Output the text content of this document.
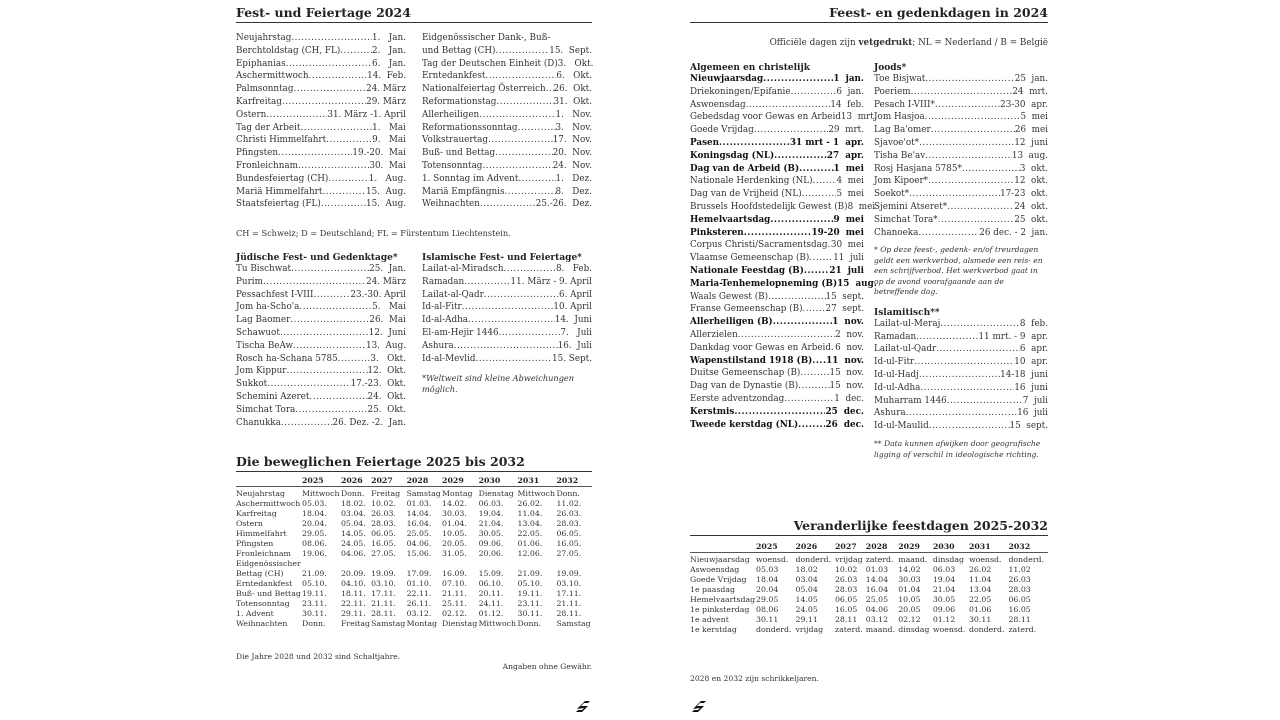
Fest- und Feiertage 2024
Neujahrstag .....	1.   Jan.
Berchtoldstag (CH, FL) .....	2.   Jan.
Epiphanias .....	6.   Jan.
Aschermittwoch .....	14.  Feb.
Palmsonntag .....	24. März
Karfreitag .....	29. März
Ostern .....	31. März -1. April
Tag der Arbeit .....	1.   Mai
Christi Himmelfahrt .....	9.   Mai
Pfingsten .....	19.-20.  Mai
Fronleichnam .....	30.  Mai
Bundesfeiertag (CH) .....	1.   Aug.
Mariä Himmelfahrt .....	15.  Aug.
Staatsfeiertag (FL) .....	15.  Aug.
Eidgenössischer Dank-, Buß-
und Bettag (CH) .....	15.  Sept.
Tag der Deutschen Einheit (D) 3.   Okt.
Erntedankfest .....	6.   Okt.
Nationalfeiertag Österreich ..... 26.  Okt.
Reformationstag .....	31.  Okt.
Allerheiligen .....	1.   Nov.
Reformationssonntag .....	3.   Nov.
Volkstrauertag .....	17.  Nov.
Buß- und Bettag .....	20.  Nov.
Totensonntag .....	24.  Nov.
1. Sonntag im Advent .....	1.   Dez.
Mariä Empfängnis .....	8.   Dez.
Weihnachten .....	25.-26.  Dez.
CH = Schweiz; D = Deutschland; FL = Fürstentum Liechtenstein.
Jüdische Fest- und Gedenktage*
Tu Bischwat .....	25.  Jan.
Purim .....	24. März
Pessachfest I-VIII .....	23.-30. April
Jom ha-Scho'a .....	5.   Mai
Lag Baomer .....	26.  Mai
Schawuot .....	12.  Juni
Tischa BeAw .....	13.  Aug.
Rosch ha-Schana 5785 .....	3.   Okt.
Jom Kippur .....	12.  Okt.
Sukkot .....	17.-23.  Okt.
Schemini Azeret .....	24.  Okt.
Simchat Tora .....	25.  Okt.
Chanukka .....	26. Dez. -2.  Jan.
Islamische Fest- und Feiertage*
Lailat-al-Miradsch .....	8.   Feb.
Ramadan .....	11. März - 9. April
Lailat-al-Qadr .....	6. April
Id-al-Fitr .....	10. April
Id-al-Adha .....	14.  Juni
El-am-Hejir 1446 .....	7.   Juli
Ashura .....	16.  Juli
Id-al-Mevlid .....	15. Sept.
*Weltweit sind kleine Abweichungen möglich.
Die beweglichen Feiertage 2025 bis 2032
	2025	2026	2027	2028	2029	2030	2031	2032

Neujahrstag	Mittwoch	Donn.	Freitag	Samstag	Montag	Dienstag	Mittwoch	Donn.
Aschermittwoch	05.03.	18.02.	10.02.	01.03.	14.02.	06.03.	26.02.	11.02.
Karfreitag	18.04.	03.04.	26.03.	14.04.	30.03.	19.04.	11.04.	26.03.
Ostern	20.04.	05.04.	28.03.	16.04.	01.04.	21.04.	13.04.	28.03.
Himmelfahrt	29.05.	14.05.	06.05.	25.05.	10.05.	30.05.	22.05.	06.05.
Pfingsten	08.06.	24.05.	16.05.	04.06.	20.05.	09.06.	01.06.	16.05.
Fronleichnam	19.06.	04.06.	27.05.	15.06.	31.05.	20.06.	12.06.	27.05.
Eidgenössischer								
Bettag (CH)	21.09.	20.09.	19.09.	17.09.	16.09.	15.09.	21.09.	19.09.
Erntedankfest	05.10.	04.10.	03.10.	01.10.	07.10.	06.10.	05.10.	03.10.
Buß- und Bettag	19.11.	18.11.	17.11.	22.11.	21.11.	20.11.	19.11.	17.11.
Totensonntag	23.11.	22.11.	21.11.	26.11.	25.11.	24.11.	23.11.	21.11.
1. Advent	30.11.	29.11.	28.11.	03.12.	02.12.	01.12.	30.11.	28.11.
Weihnachten	Donn.	Freitag	Samstag	Montag	Dienstag	Mittwoch	Donn.	Samstag
Die Jahre 2028 und 2032 sind Schaltjahre.
Angaben ohne Gewähr.
Feest- en gedenkdagen in 2024
Officiële dagen zijn vetgedrukt; NL = Nederland / B = België
Algemeen en christelijk
Nieuwjaarsdag .....	1  jan.
Driekoningen/Epifanie .....	6  jan.
Aswoensdag .....	14  feb.
Gebedsdag voor Gewas en Arbeid 13  mrt.
Goede Vrijdag .....	29  mrt.
Pasen .....	31 mrt - 1  apr.
Koningsdag (NL) .....	27  apr.
Dag van de Arbeid (B) .....	1  mei
Nationale Herdenking (NL) .....	4  mei
Dag van de Vrijheid (NL) .....	5  mei
Brussels Hoofdstedelijk Gewest (B) 8  mei
Hemelvaartsdag .....	9  mei
Pinksteren .....	19-20  mei
Corpus Christi/Sacramentsdag ..... 30  mei
Vlaamse Gemeenschap (B) .....	11  juli
Nationale Feestdag (B) .....	21  juli
Maria-Tenhemelopneming (B) 15  aug.
Waals Gewest (B) .....	15  sept.
Franse Gemeenschap (B) .....	27  sept.
Allerheiligen (B) .....	1  nov.
Allerzielen .....	2  nov.
Dankdag voor Gewas en Arbeid ..... 6  nov.
Wapenstilstand 1918 (B) ..... 11  nov.
Duitse Gemeenschap (B) .....	15  nov.
Dag van de Dynastie (B) .....	15  nov.
Eerste adventzondag .....	1  dec.
Kerstmis .....	25  dec.
Tweede kerstdag (NL) .....	26  dec.
Joods*
Toe Bisjwat .....	25  jan.
Poeriem .....	24  mrt.
Pesach I-VIII* .....	23-30  apr.
Jom Hasjoa .....	5  mei
Lag Ba'omer .....	26  mei
Sjavoe'ot* .....	12  juni
Tisha Be'av .....	13  aug.
Rosj Hasjana 5785* .....	3  okt.
Jom Kipoer* .....	12  okt.
Soekot* .....	17-23  okt.
Sjemini Atseret* .....	24  okt.
Simchat Tora* .....	25  okt.
Chanoeka .....	26 dec. - 2  jan.
* Op deze feest-, gedenk- en/of treurdagen geldt een werkverbod, alsmede een reis- en een schrijfverbod. Het werkverbod gaat in op de avond voorafgaande aan de betreffende dag.
Islamitisch**
Lailat-ul-Meraj .....	8  feb.
Ramadan .....	11 mrt. - 9  apr.
Lailat-ul-Qadr .....	6  apr.
Id-ul-Fitr .....	10  apr.
Id-ul-Hadj .....	14-18  juni
Id-ul-Adha .....	16  juni
Muharram 1446 .....	7  juli
Ashura .....	16  juli
Id-ul-Maulid .....	15  sept.
** Data kunnen afwijken door geografische ligging of verschil in ideologische richting.
Veranderlijke feestdagen 2025-2032
	2025	2026	2027	2028	2029	2030	2031	2032

Nieuwjaarsdag	woensd.	donderd.	vrijdag	zaterd.	maand.	dinsdag	woensd.	donderd.
Aswoensdag	05.03	18.02	10.02	01.03	14.02	06.03	26.02	11.02
Goede Vrijdag	18.04	03.04	26.03	14.04	30.03	19.04	11.04	26.03
1e paasdag	20.04	05.04	28.03	16.04	01.04	21.04	13.04	28.03
Hemelvaartsdag	29.05	14.05	06.05	25.05	10.05	30.05	22.05	06.05
1e pinksterdag	08.06	24.05	16.05	04.06	20.05	09.06	01.06	16.05
1e advent	30.11	29.11	28.11	03.12	02.12	01.12	30.11	28.11
1e kerstdag	donderd.	vrijdag	zaterd.	maand.	dinsdag	woensd.	donderd.	zaterd.
2028 en 2032 zijn schrikkeljaren.
